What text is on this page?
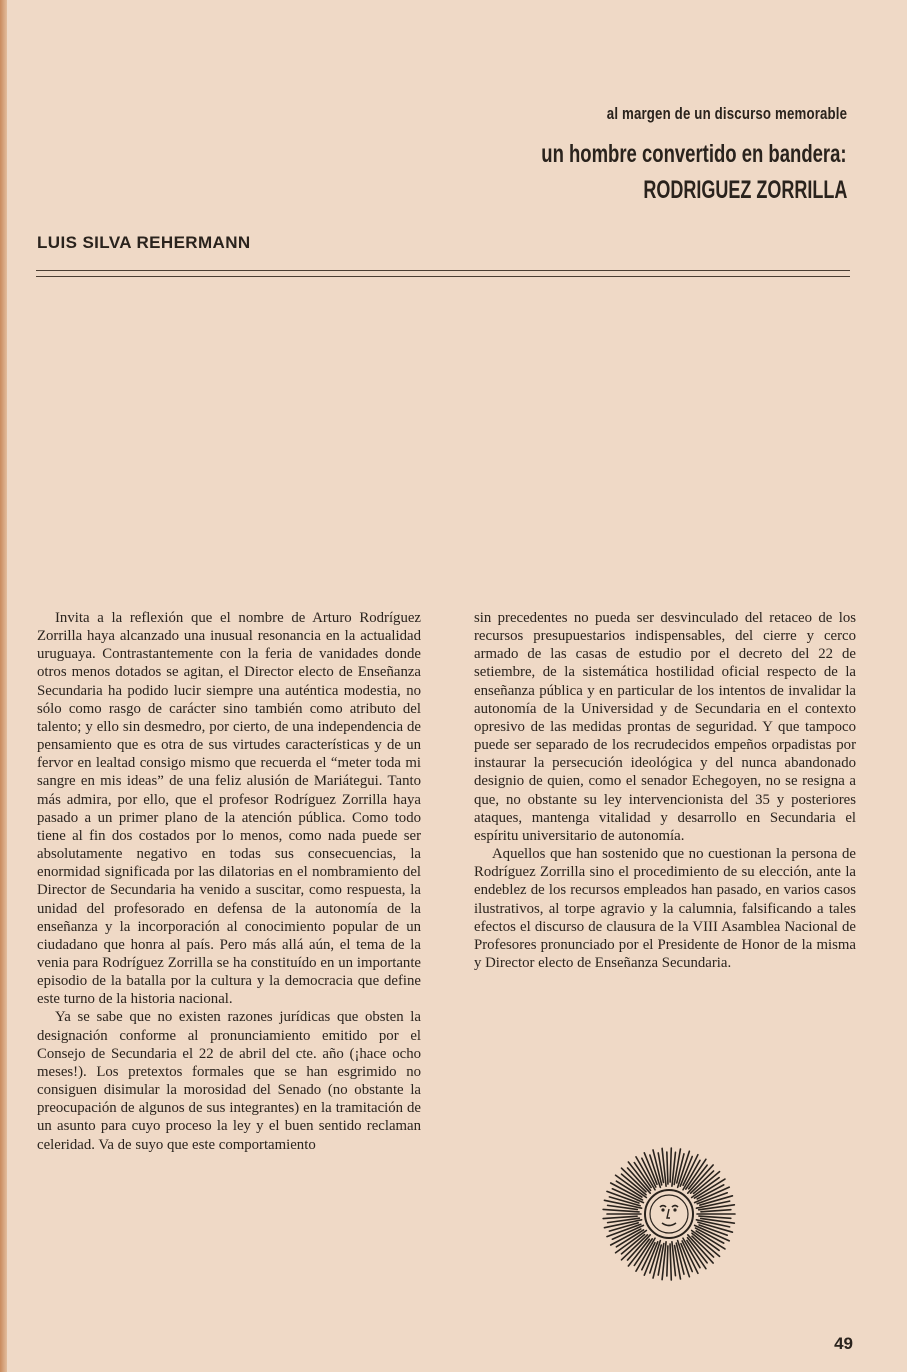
al margen de un discurso memorable
un hombre convertido en bandera:
RODRIGUEZ ZORRILLA
LUIS SILVA REHERMANN

Invita a la reflexión que el nombre de Arturo Rodríguez Zorrilla haya alcanzado una inusual resonancia en la actualidad uruguaya. Contrastantemente con la feria de vanidades donde otros menos dotados se agitan, el Director electo de Enseñanza Secundaria ha podido lucir siempre una auténtica modestia, no sólo como rasgo de carácter sino también como atributo del talento; y ello sin desmedro, por cierto, de una independencia de pensamiento que es otra de sus virtudes características y de un fervor en lealtad consigo mismo que recuerda el “meter toda mi sangre en mis ideas” de una feliz alusión de Mariátegui. Tanto más admira, por ello, que el profesor Rodríguez Zorrilla haya pasado a un primer plano de la atención pública. Como todo tiene al fin dos costados por lo menos, como nada puede ser absolutamente negativo en todas sus consecuencias, la enormidad significada por las dilatorias en el nombramiento del Director de Secundaria ha venido a suscitar, como respuesta, la unidad del profesorado en defensa de la autonomía de la enseñanza y la incorporación al conocimiento popular de un ciudadano que honra al país. Pero más allá aún, el tema de la venia para Rodríguez Zorrilla se ha constituído en un importante episodio de la batalla por la cultura y la democracia que define este turno de la historia nacional.

Ya se sabe que no existen razones jurídicas que obsten la designación conforme al pronunciamiento emitido por el Consejo de Secundaria el 22 de abril del cte. año (¡hace ocho meses!). Los pretextos formales que se han esgrimido no consiguen disimular la morosidad del Senado (no obstante la preocupación de algunos de sus integrantes) en la tramitación de un asunto para cuyo proceso la ley y el buen sentido reclaman celeridad. Va de suyo que este comportamiento

sin precedentes no pueda ser desvinculado del retaceo de los recursos presupuestarios indispensables, del cierre y cerco armado de las casas de estudio por el decreto del 22 de setiembre, de la sistemática hostilidad oficial respecto de la enseñanza pública y en particular de los intentos de invalidar la autonomía de la Universidad y de Secundaria en el contexto opresivo de las medidas prontas de seguridad. Y que tampoco puede ser separado de los recrudecidos empeños orpadistas por instaurar la persecución ideológica y del nunca abandonado designio de quien, como el senador Echegoyen, no se resigna a que, no obstante su ley intervencionista del 35 y posteriores ataques, mantenga vitalidad y desarrollo en Secundaria el espíritu universitario de autonomía.

Aquellos que han sostenido que no cuestionan la persona de Rodríguez Zorrilla sino el procedimiento de su elección, ante la endeblez de los recursos empleados han pasado, en varios casos ilustrativos, al torpe agravio y la calumnia, falsificando a tales efectos el discurso de clausura de la VIII Asamblea Nacional de Profesores pronunciado por el Presidente de Honor de la misma y Director electo de Enseñanza Secundaria.

49
